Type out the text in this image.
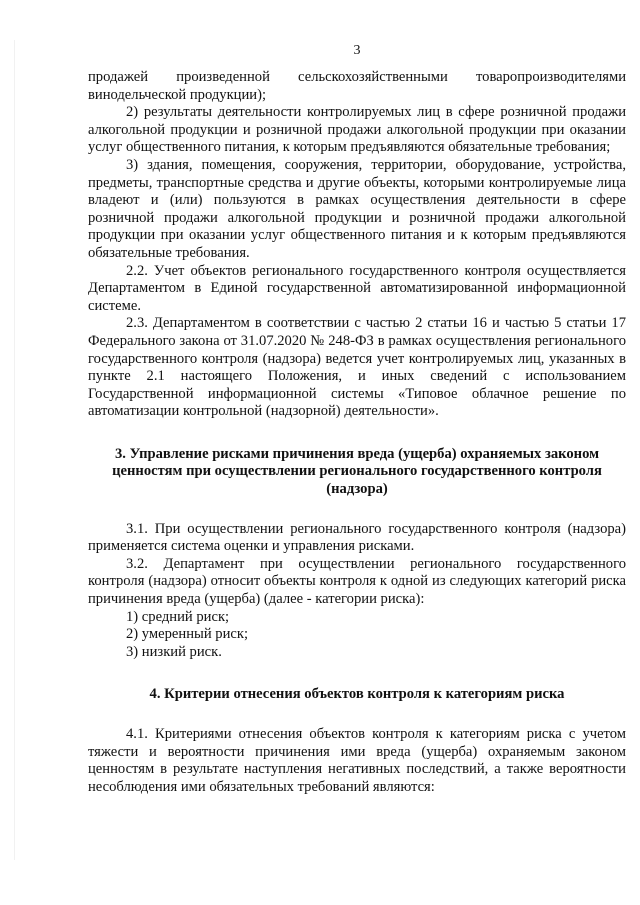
3

продажей произведенной сельскохозяйственными товаропроизводителями винодельческой продукции);

2) результаты деятельности контролируемых лиц в сфере розничной продажи алкогольной продукции и розничной продажи алкогольной продукции при оказании услуг общественного питания, к которым предъявляются обязательные требования;

3) здания, помещения, сооружения, территории, оборудование, устройства, предметы, транспортные средства и другие объекты, которыми контролируемые лица владеют и (или) пользуются в рамках осуществления деятельности в сфере розничной продажи алкогольной продукции и розничной продажи алкогольной продукции при оказании услуг общественного питания и к которым предъявляются обязательные требования.

2.2. Учет объектов регионального государственного контроля осуществляется Департаментом в Единой государственной автоматизированной информационной системе.

2.3. Департаментом в соответствии с частью 2 статьи 16 и частью 5 статьи 17 Федерального закона от 31.07.2020 № 248-ФЗ в рамках осуществления регионального государственного контроля (надзора) ведется учет контролируемых лиц, указанных в пункте 2.1 настоящего Положения, и иных сведений с использованием Государственной информационной системы «Типовое облачное решение по автоматизации контрольной (надзорной) деятельности».

3. Управление рисками причинения вреда (ущерба) охраняемых законом ценностям при осуществлении регионального государственного контроля (надзора)

3.1. При осуществлении регионального государственного контроля (надзора) применяется система оценки и управления рисками.

3.2. Департамент при осуществлении регионального государственного контроля (надзора) относит объекты контроля к одной из следующих категорий риска причинения вреда (ущерба) (далее - категории риска):

1) средний риск;

2) умеренный риск;

3) низкий риск.

4. Критерии отнесения объектов контроля к категориям риска

4.1. Критериями отнесения объектов контроля к категориям риска с учетом тяжести и вероятности причинения ими вреда (ущерба) охраняемым законом ценностям в результате наступления негативных последствий, а также вероятности несоблюдения ими обязательных требований являются:
